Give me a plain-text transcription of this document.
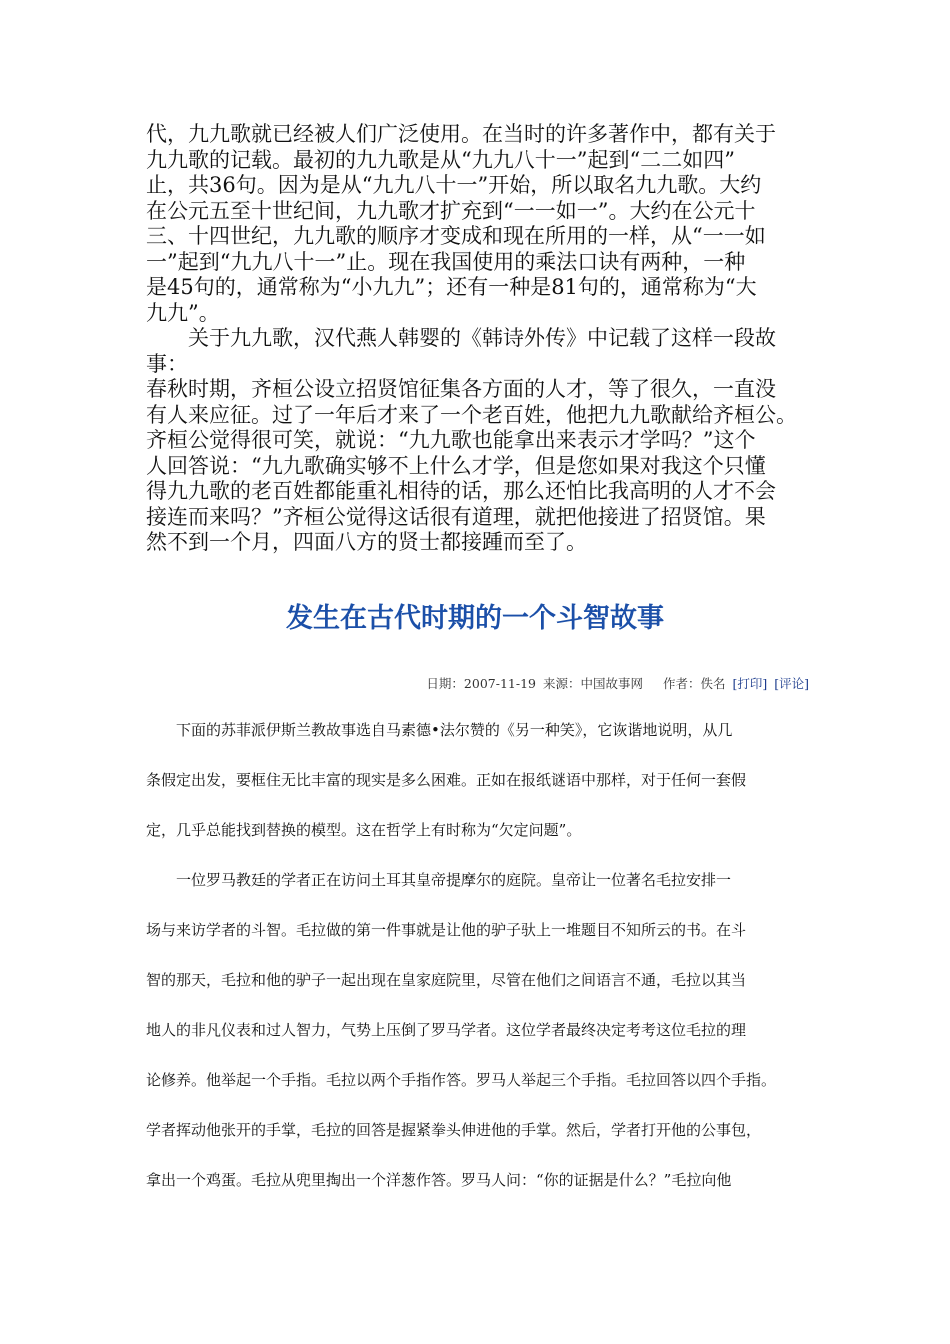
代，九九歌就已经被人们广泛使用。在当时的许多著作中，都有关于
九九歌的记载。最初的九九歌是从“九九八十一”起到“二二如四”
止，共36句。因为是从“九九八十一”开始，所以取名九九歌。大约
在公元五至十世纪间，九九歌才扩充到“一一如一”。大约在公元十
三、十四世纪，九九歌的顺序才变成和现在所用的一样，从“一一如
一”起到“九九八十一”止。现在我国使用的乘法口诀有两种，一种
是45句的，通常称为“小九九”；还有一种是81句的，通常称为“大
九九”。
　　关于九九歌，汉代燕人韩婴的《韩诗外传》中记载了这样一段故
事：
春秋时期，齐桓公设立招贤馆征集各方面的人才，等了很久，一直没
有人来应征。过了一年后才来了一个老百姓，他把九九歌献给齐桓公。
齐桓公觉得很可笑，就说：“九九歌也能拿出来表示才学吗？”这个
人回答说：“九九歌确实够不上什么才学，但是您如果对我这个只懂
得九九歌的老百姓都能重礼相待的话，那么还怕比我高明的人才不会
接连而来吗？”齐桓公觉得这话很有道理，就把他接进了招贤馆。果
然不到一个月，四面八方的贤士都接踵而至了。
发生在古代时期的一个斗智故事
日期：2007-11-19 来源：中国故事网 作者：佚名 [打印] [评论]
　　下面的苏菲派伊斯兰教故事选自马素德•法尔赞的《另一种笑》，它诙谐地说明，从几
条假定出发，要框住无比丰富的现实是多么困难。正如在报纸谜语中那样，对于任何一套假
定，几乎总能找到替换的模型。这在哲学上有时称为“欠定问题”。
　　一位罗马教廷的学者正在访问土耳其皇帝提摩尔的庭院。皇帝让一位著名毛拉安排一
场与来访学者的斗智。毛拉做的第一件事就是让他的驴子驮上一堆题目不知所云的书。在斗
智的那天，毛拉和他的驴子一起出现在皇家庭院里，尽管在他们之间语言不通，毛拉以其当
地人的非凡仪表和过人智力，气势上压倒了罗马学者。这位学者最终决定考考这位毛拉的理
论修养。他举起一个手指。毛拉以两个手指作答。罗马人举起三个手指。毛拉回答以四个手指。
学者挥动他张开的手掌，毛拉的回答是握紧拳头伸进他的手掌。然后，学者打开他的公事包，
拿出一个鸡蛋。毛拉从兜里掏出一个洋葱作答。罗马人问：“你的证据是什么？”毛拉向他
